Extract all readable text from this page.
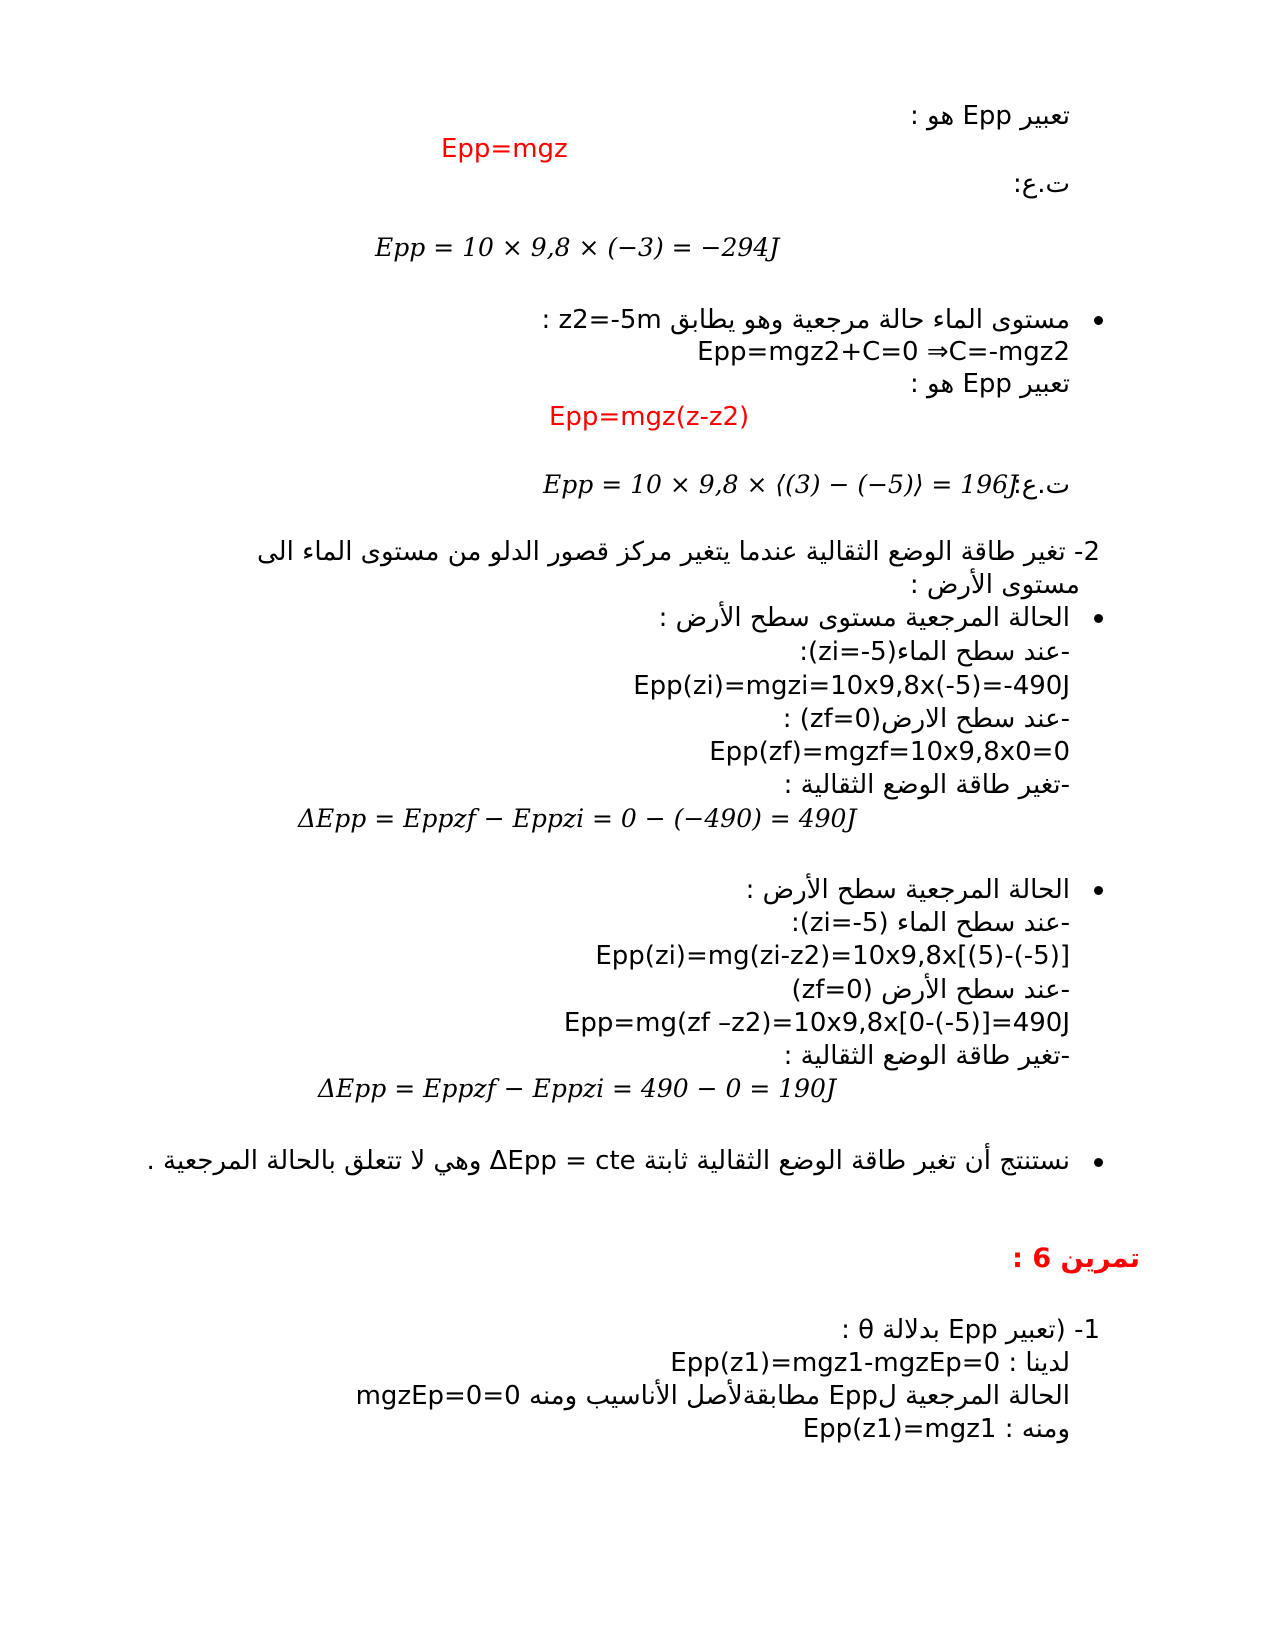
تعبير Epp هو :
Epp=mgz
ت.ع:
Epp = 10 × 9,8 × (−3) = −294J
مستوى الماء حالة مرجعية وهو يطابق z2=-5m :
Epp=mgz2+C=0 ⇒C=-mgz2
تعبير Epp هو :
Epp=mgz(z-z2)
ت.ع:
Epp = 10 × 9,8 × ⟨(3) − (−5)⟩ = 196J
2- تغير طاقة الوضع الثقالية عندما يتغير مركز قصور الدلو من مستوى الماء الى
مستوى الأرض :
الحالة المرجعية مستوى سطح الأرض :
-عند سطح الماء(zi=-5):
Epp(zi)=mgzi=10x9,8x(-5)=-490J
-عند سطح الارض(zf=0) :
Epp(zf)=mgzf=10x9,8x0=0
-تغير طاقة الوضع الثقالية :
ΔEpp = Eppzf − Eppzi = 0 − (−490) = 490J
الحالة المرجعية سطح الأرض :
-عند سطح الماء (zi=-5):
Epp(zi)=mg(zi-z2)=10x9,8x[(5)-(-5)]
-عند سطح الأرض (zf=0)
Epp=mg(zf –z2)=10x9,8x[0-(-5)]=490J
-تغير طاقة الوضع الثقالية :
ΔEpp = Eppzf − Eppzi = 490 − 0 = 190J
نستنتج أن تغير طاقة الوضع الثقالية ثابتة ΔEpp = cte وهي لا تتعلق بالحالة المرجعية .
تمرين 6 :
1- (تعبير Epp بدلالة θ :
لدينا : Epp(z1)=mgz1-mgzEp=0
الحالة المرجعية لEpp مطابقةلأصل الأناسيب ومنه mgzEp=0=0
ومنه : Epp(z1)=mgz1
